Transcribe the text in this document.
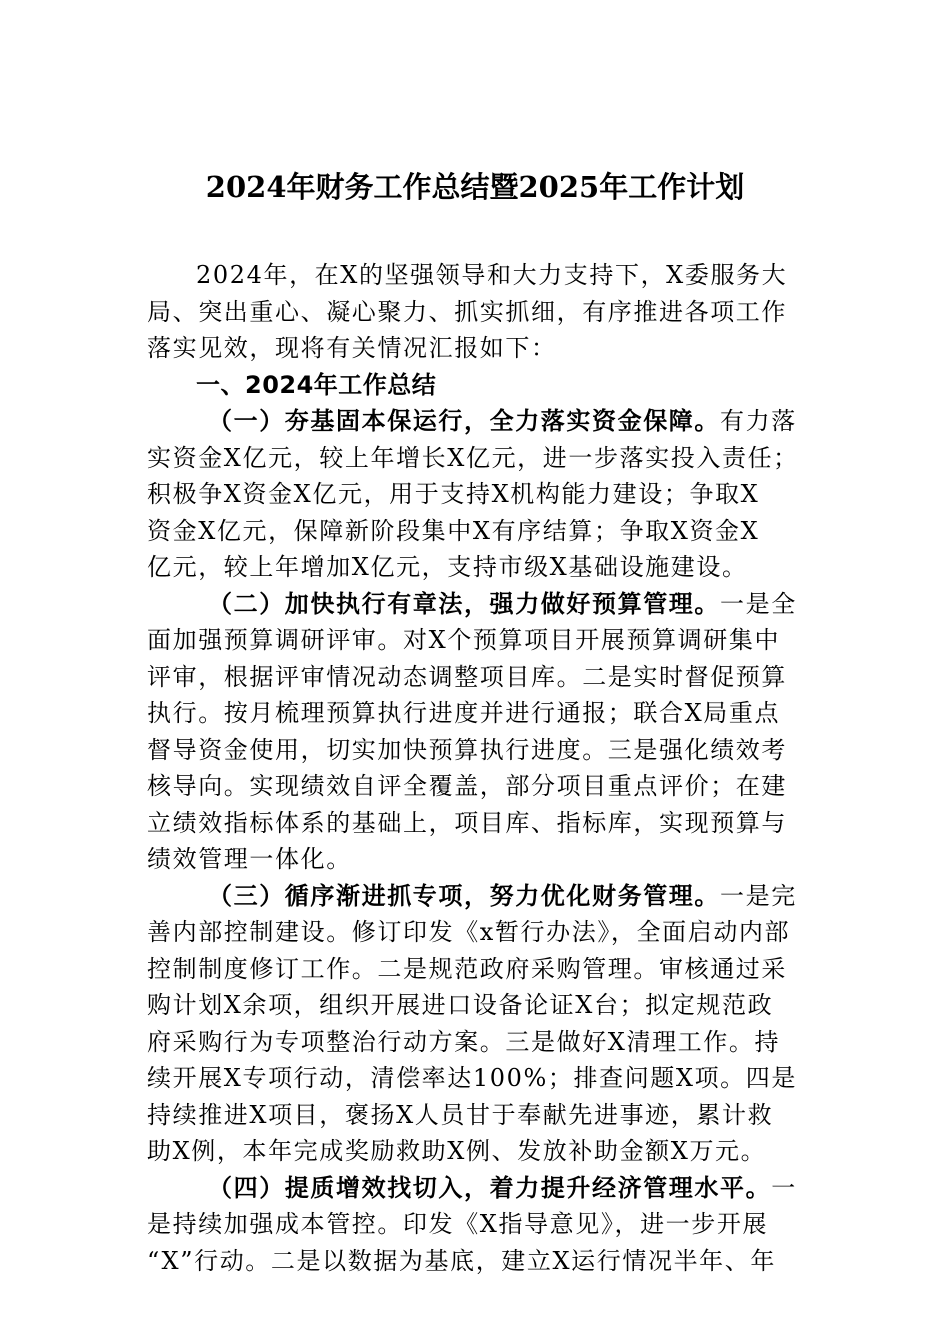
2024年财务工作总结暨2025年工作计划
2024年，在X的坚强领导和大力支持下，X委服务大
局、突出重心、凝心聚力、抓实抓细，有序推进各项工作
落实见效，现将有关情况汇报如下：
一、2024年工作总结
（一）夯基固本保运行，全力落实资金保障。有力落
实资金X亿元，较上年增长X亿元，进一步落实投入责任；
积极争X资金X亿元，用于支持X机构能力建设；争取X
资金X亿元，保障新阶段集中X有序结算；争取X资金X
亿元，较上年增加X亿元，支持市级X基础设施建设。
（二）加快执行有章法，强力做好预算管理。一是全
面加强预算调研评审。对X个预算项目开展预算调研集中
评审，根据评审情况动态调整项目库。二是实时督促预算
执行。按月梳理预算执行进度并进行通报；联合X局重点
督导资金使用，切实加快预算执行进度。三是强化绩效考
核导向。实现绩效自评全覆盖，部分项目重点评价；在建
立绩效指标体系的基础上，项目库、指标库，实现预算与
绩效管理一体化。
（三）循序渐进抓专项，努力优化财务管理。一是完
善内部控制建设。修订印发《x暂行办法》，全面启动内部
控制制度修订工作。二是规范政府采购管理。审核通过采
购计划X余项，组织开展进口设备论证X台；拟定规范政
府采购行为专项整治行动方案。三是做好X清理工作。持
续开展X专项行动，清偿率达100%；排查问题X项。四是
持续推进X项目，褒扬X人员甘于奉献先进事迹，累计救
助X例，本年完成奖励救助X例、发放补助金额X万元。
（四）提质增效找切入，着力提升经济管理水平。一
是持续加强成本管控。印发《X指导意见》，进一步开展
“X”行动。二是以数据为基底，建立X运行情况半年、年
